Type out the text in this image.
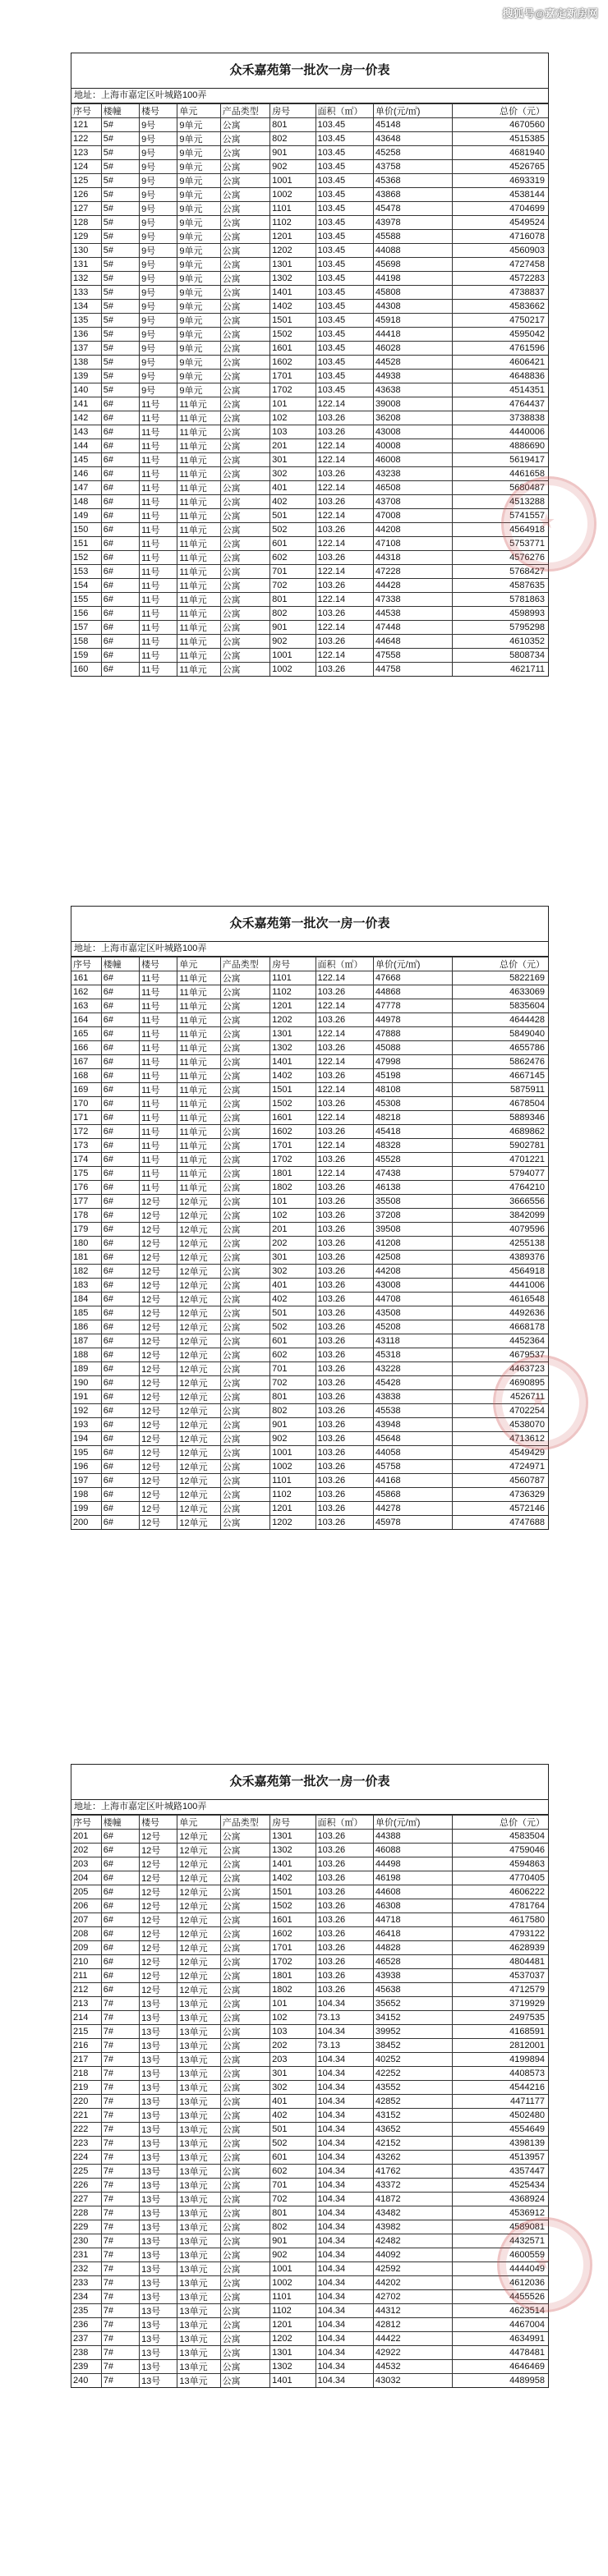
搜狐号@嘉定新房网
众禾嘉苑第一批次一房一价表
地址：上海市嘉定区叶城路100弄
序号	楼幢	楼号	单元	产品类型	房号	面积（㎡）	单价(元/㎡)	总价（元）
121	5#	9号	9单元	公寓	801	103.45	45148	4670560
122	5#	9号	9单元	公寓	802	103.45	43648	4515385
123	5#	9号	9单元	公寓	901	103.45	45258	4681940
124	5#	9号	9单元	公寓	902	103.45	43758	4526765
125	5#	9号	9单元	公寓	1001	103.45	45368	4693319
126	5#	9号	9单元	公寓	1002	103.45	43868	4538144
127	5#	9号	9单元	公寓	1101	103.45	45478	4704699
128	5#	9号	9单元	公寓	1102	103.45	43978	4549524
129	5#	9号	9单元	公寓	1201	103.45	45588	4716078
130	5#	9号	9单元	公寓	1202	103.45	44088	4560903
131	5#	9号	9单元	公寓	1301	103.45	45698	4727458
132	5#	9号	9单元	公寓	1302	103.45	44198	4572283
133	5#	9号	9单元	公寓	1401	103.45	45808	4738837
134	5#	9号	9单元	公寓	1402	103.45	44308	4583662
135	5#	9号	9单元	公寓	1501	103.45	45918	4750217
136	5#	9号	9单元	公寓	1502	103.45	44418	4595042
137	5#	9号	9单元	公寓	1601	103.45	46028	4761596
138	5#	9号	9单元	公寓	1602	103.45	44528	4606421
139	5#	9号	9单元	公寓	1701	103.45	44938	4648836
140	5#	9号	9单元	公寓	1702	103.45	43638	4514351
141	6#	11号	11单元	公寓	101	122.14	39008	4764437
142	6#	11号	11单元	公寓	102	103.26	36208	3738838
143	6#	11号	11单元	公寓	103	103.26	43008	4440006
144	6#	11号	11单元	公寓	201	122.14	40008	4886690
145	6#	11号	11单元	公寓	301	122.14	46008	5619417
146	6#	11号	11单元	公寓	302	103.26	43238	4461658
147	6#	11号	11单元	公寓	401	122.14	46508	5680487
148	6#	11号	11单元	公寓	402	103.26	43708	4513288
149	6#	11号	11单元	公寓	501	122.14	47008	5741557
150	6#	11号	11单元	公寓	502	103.26	44208	4564918
151	6#	11号	11单元	公寓	601	122.14	47108	5753771
152	6#	11号	11单元	公寓	602	103.26	44318	4576276
153	6#	11号	11单元	公寓	701	122.14	47228	5768427
154	6#	11号	11单元	公寓	702	103.26	44428	4587635
155	6#	11号	11单元	公寓	801	122.14	47338	5781863
156	6#	11号	11单元	公寓	802	103.26	44538	4598993
157	6#	11号	11单元	公寓	901	122.14	47448	5795298
158	6#	11号	11单元	公寓	902	103.26	44648	4610352
159	6#	11号	11单元	公寓	1001	122.14	47558	5808734
160	6#	11号	11单元	公寓	1002	103.26	44758	4621711
众禾嘉苑第一批次一房一价表
地址：上海市嘉定区叶城路100弄
序号	楼幢	楼号	单元	产品类型	房号	面积（㎡）	单价(元/㎡)	总价（元）
161	6#	11号	11单元	公寓	1101	122.14	47668	5822169
162	6#	11号	11单元	公寓	1102	103.26	44868	4633069
163	6#	11号	11单元	公寓	1201	122.14	47778	5835604
164	6#	11号	11单元	公寓	1202	103.26	44978	4644428
165	6#	11号	11单元	公寓	1301	122.14	47888	5849040
166	6#	11号	11单元	公寓	1302	103.26	45088	4655786
167	6#	11号	11单元	公寓	1401	122.14	47998	5862476
168	6#	11号	11单元	公寓	1402	103.26	45198	4667145
169	6#	11号	11单元	公寓	1501	122.14	48108	5875911
170	6#	11号	11单元	公寓	1502	103.26	45308	4678504
171	6#	11号	11单元	公寓	1601	122.14	48218	5889346
172	6#	11号	11单元	公寓	1602	103.26	45418	4689862
173	6#	11号	11单元	公寓	1701	122.14	48328	5902781
174	6#	11号	11单元	公寓	1702	103.26	45528	4701221
175	6#	11号	11单元	公寓	1801	122.14	47438	5794077
176	6#	11号	11单元	公寓	1802	103.26	46138	4764210
177	6#	12号	12单元	公寓	101	103.26	35508	3666556
178	6#	12号	12单元	公寓	102	103.26	37208	3842099
179	6#	12号	12单元	公寓	201	103.26	39508	4079596
180	6#	12号	12单元	公寓	202	103.26	41208	4255138
181	6#	12号	12单元	公寓	301	103.26	42508	4389376
182	6#	12号	12单元	公寓	302	103.26	44208	4564918
183	6#	12号	12单元	公寓	401	103.26	43008	4441006
184	6#	12号	12单元	公寓	402	103.26	44708	4616548
185	6#	12号	12单元	公寓	501	103.26	43508	4492636
186	6#	12号	12单元	公寓	502	103.26	45208	4668178
187	6#	12号	12单元	公寓	601	103.26	43118	4452364
188	6#	12号	12单元	公寓	602	103.26	45318	4679537
189	6#	12号	12单元	公寓	701	103.26	43228	4463723
190	6#	12号	12单元	公寓	702	103.26	45428	4690895
191	6#	12号	12单元	公寓	801	103.26	43838	4526711
192	6#	12号	12单元	公寓	802	103.26	45538	4702254
193	6#	12号	12单元	公寓	901	103.26	43948	4538070
194	6#	12号	12单元	公寓	902	103.26	45648	4713612
195	6#	12号	12单元	公寓	1001	103.26	44058	4549429
196	6#	12号	12单元	公寓	1002	103.26	45758	4724971
197	6#	12号	12单元	公寓	1101	103.26	44168	4560787
198	6#	12号	12单元	公寓	1102	103.26	45868	4736329
199	6#	12号	12单元	公寓	1201	103.26	44278	4572146
200	6#	12号	12单元	公寓	1202	103.26	45978	4747688
众禾嘉苑第一批次一房一价表
地址：上海市嘉定区叶城路100弄
序号	楼幢	楼号	单元	产品类型	房号	面积（㎡）	单价(元/㎡)	总价（元）
201	6#	12号	12单元	公寓	1301	103.26	44388	4583504
202	6#	12号	12单元	公寓	1302	103.26	46088	4759046
203	6#	12号	12单元	公寓	1401	103.26	44498	4594863
204	6#	12号	12单元	公寓	1402	103.26	46198	4770405
205	6#	12号	12单元	公寓	1501	103.26	44608	4606222
206	6#	12号	12单元	公寓	1502	103.26	46308	4781764
207	6#	12号	12单元	公寓	1601	103.26	44718	4617580
208	6#	12号	12单元	公寓	1602	103.26	46418	4793122
209	6#	12号	12单元	公寓	1701	103.26	44828	4628939
210	6#	12号	12单元	公寓	1702	103.26	46528	4804481
211	6#	12号	12单元	公寓	1801	103.26	43938	4537037
212	6#	12号	12单元	公寓	1802	103.26	45638	4712579
213	7#	13号	13单元	公寓	101	104.34	35652	3719929
214	7#	13号	13单元	公寓	102	73.13	34152	2497535
215	7#	13号	13单元	公寓	103	104.34	39952	4168591
216	7#	13号	13单元	公寓	202	73.13	38452	2812001
217	7#	13号	13单元	公寓	203	104.34	40252	4199894
218	7#	13号	13单元	公寓	301	104.34	42252	4408573
219	7#	13号	13单元	公寓	302	104.34	43552	4544216
220	7#	13号	13单元	公寓	401	104.34	42852	4471177
221	7#	13号	13单元	公寓	402	104.34	43152	4502480
222	7#	13号	13单元	公寓	501	104.34	43652	4554649
223	7#	13号	13单元	公寓	502	104.34	42152	4398139
224	7#	13号	13单元	公寓	601	104.34	43262	4513957
225	7#	13号	13单元	公寓	602	104.34	41762	4357447
226	7#	13号	13单元	公寓	701	104.34	43372	4525434
227	7#	13号	13单元	公寓	702	104.34	41872	4368924
228	7#	13号	13单元	公寓	801	104.34	43482	4536912
229	7#	13号	13单元	公寓	802	104.34	43982	4589081
230	7#	13号	13单元	公寓	901	104.34	42482	4432571
231	7#	13号	13单元	公寓	902	104.34	44092	4600559
232	7#	13号	13单元	公寓	1001	104.34	42592	4444049
233	7#	13号	13单元	公寓	1002	104.34	44202	4612036
234	7#	13号	13单元	公寓	1101	104.34	42702	4455526
235	7#	13号	13单元	公寓	1102	104.34	44312	4623514
236	7#	13号	13单元	公寓	1201	104.34	42812	4467004
237	7#	13号	13单元	公寓	1202	104.34	44422	4634991
238	7#	13号	13单元	公寓	1301	104.34	42922	4478481
239	7#	13号	13单元	公寓	1302	104.34	44532	4646469
240	7#	13号	13单元	公寓	1401	104.34	43032	4489958
